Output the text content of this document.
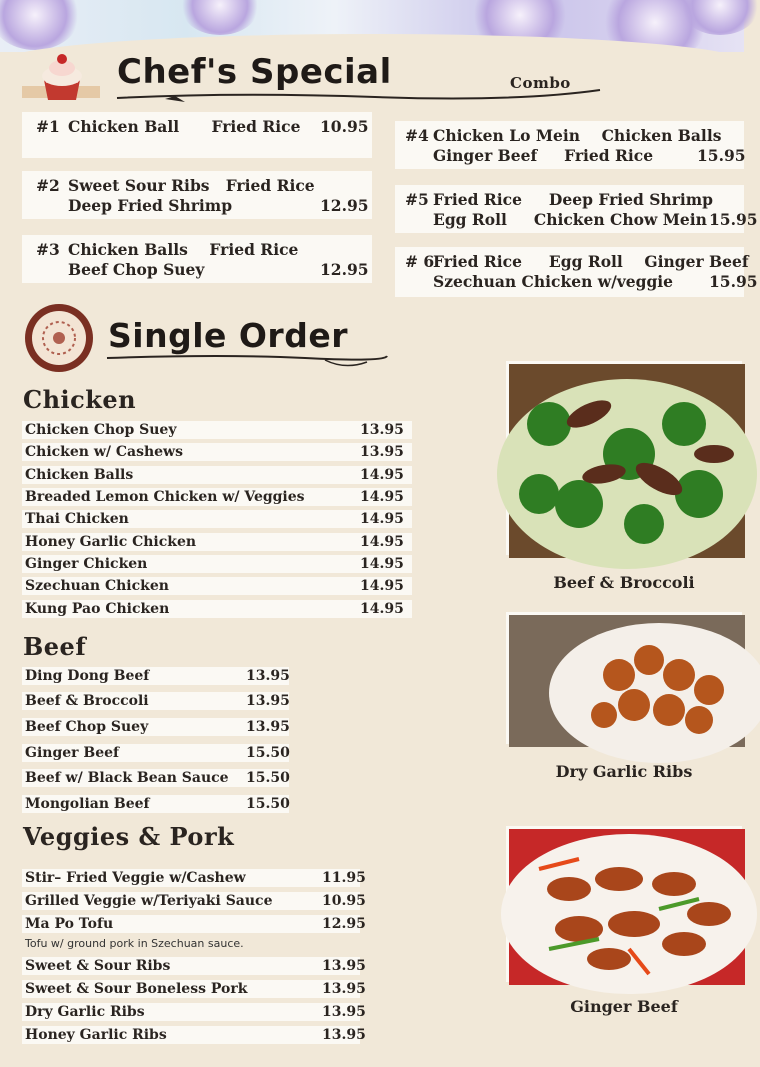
Chef's Special	Combo
#1 Chicken Ball      Fried Rice 10.95
#2 Sweet Sour Ribs   Fried Rice
Deep Fried Shrimp	12.95
#3 Chicken Balls    Fried Rice
Beef Chop Suey	12.95
#4 Chicken Lo Mein    Chicken Balls
Ginger Beef     Fried Rice	15.95
#5 Fried Rice     Deep Fried Shrimp
Egg Roll     Chicken Chow Mein 15.95
# 6
Fried Rice     Egg Roll    Ginger Beef
Szechuan Chicken w/veggie 15.95
Single Order
Chicken
Chicken Chop Suey	13.95
Chicken w/ Cashews	13.95
Chicken Balls	14.95
Breaded Lemon Chicken w/ Veggies	14.95
Thai Chicken	14.95
Honey Garlic Chicken	14.95
Ginger Chicken	14.95
Szechuan Chicken	14.95
Kung Pao Chicken	14.95
Beef
Ding Dong Beef	13.95
Beef & Broccoli	13.95
Beef Chop Suey	13.95
Ginger Beef	15.50
Beef w/ Black Bean Sauce 15.50
Mongolian Beef	15.50
Veggies & Pork
Stir– Fried Veggie w/Cashew	11.95
Grilled Veggie w/Teriyaki Sauce	10.95
Ma Po Tofu	12.95
Sweet & Sour Ribs	13.95
Sweet & Sour Boneless Pork	13.95
Dry Garlic Ribs	13.95
Honey Garlic Ribs	13.95
Tofu w/ ground pork in Szechuan sauce.
Beef & Broccoli
Dry Garlic Ribs
Ginger Beef
